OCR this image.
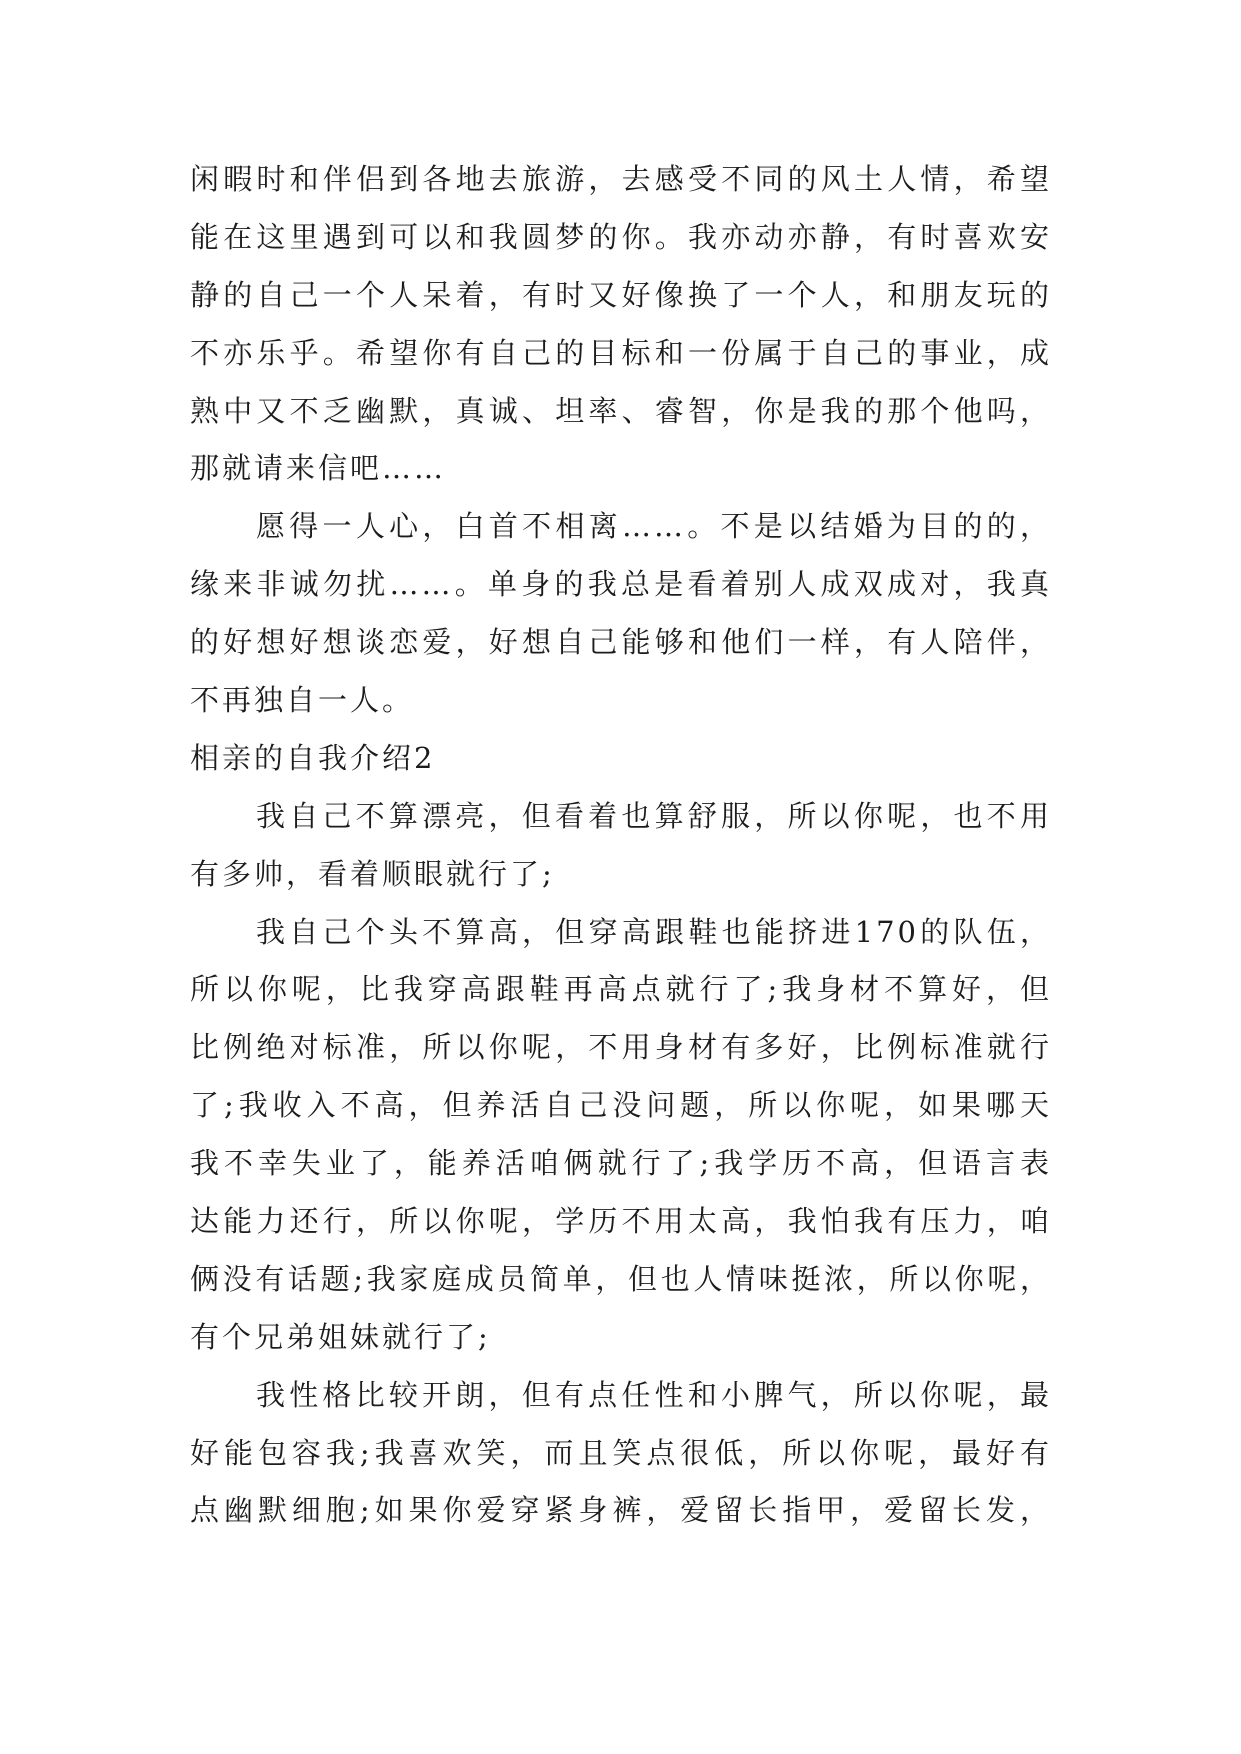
闲暇时和伴侣到各地去旅游，去感受不同的风土人情，希望
能在这里遇到可以和我圆梦的你。我亦动亦静，有时喜欢安
静的自己一个人呆着，有时又好像换了一个人，和朋友玩的
不亦乐乎。希望你有自己的目标和一份属于自己的事业，成
熟中又不乏幽默，真诚、坦率、睿智，你是我的那个他吗，
那就请来信吧……
愿得一人心，白首不相离……。不是以结婚为目的的，
缘来非诚勿扰……。单身的我总是看着别人成双成对，我真
的好想好想谈恋爱，好想自己能够和他们一样，有人陪伴，
不再独自一人。
相亲的自我介绍2
我自己不算漂亮，但看着也算舒服，所以你呢，也不用
有多帅，看着顺眼就行了;
我自己个头不算高，但穿高跟鞋也能挤进170的队伍，
所以你呢，比我穿高跟鞋再高点就行了;我身材不算好，但
比例绝对标准，所以你呢，不用身材有多好，比例标准就行
了;我收入不高，但养活自己没问题，所以你呢，如果哪天
我不幸失业了，能养活咱俩就行了;我学历不高，但语言表
达能力还行，所以你呢，学历不用太高，我怕我有压力，咱
俩没有话题;我家庭成员简单，但也人情味挺浓，所以你呢，
有个兄弟姐妹就行了;
我性格比较开朗，但有点任性和小脾气，所以你呢，最
好能包容我;我喜欢笑，而且笑点很低，所以你呢，最好有
点幽默细胞;如果你爱穿紧身裤，爱留长指甲，爱留长发，
